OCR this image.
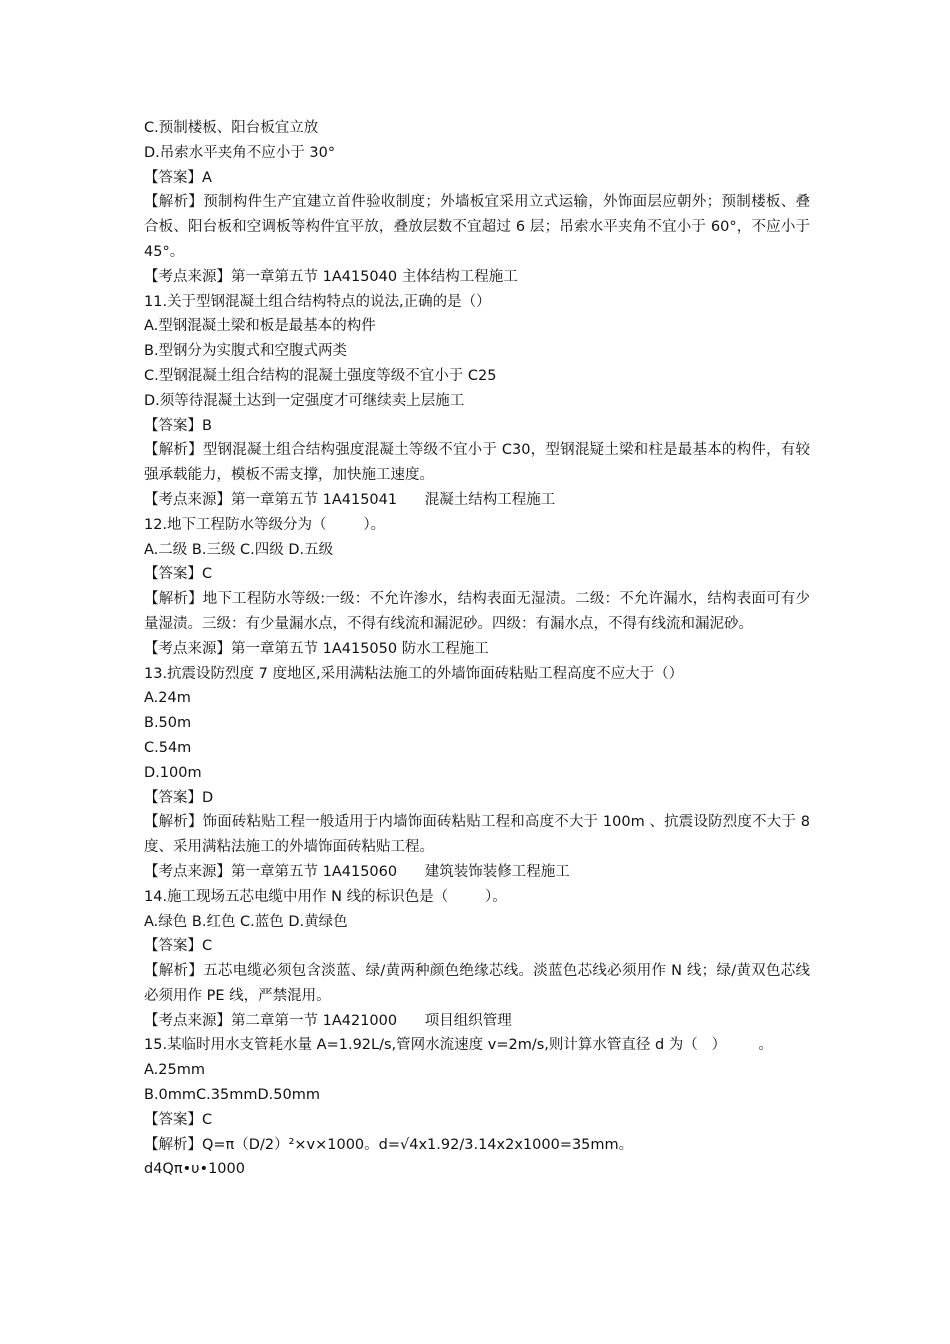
C.预制楼板、阳台板宜立放

D.吊索水平夹角不应小于 30°

【答案】A

【解析】预制构件生产宜建立首件验收制度；外墙板宜采用立式运输，外饰面层应朝外；预制楼板、叠合板、阳台板和空调板等构件宜平放，叠放层数不宜超过 6 层；吊索水平夹角不宜小于 60°，不应小于 45°。

【考点来源】第一章第五节 1A415040 主体结构工程施工

11.关于型钢混凝土组合结构特点的说法,正确的是（）

A.型钢混凝土梁和板是最基本的构件

B.型钢分为实腹式和空腹式两类

C.型钢混凝土组合结构的混凝土强度等级不宜小于 C25

D.须等待混凝土达到一定强度才可继续卖上层施工

【答案】B

【解析】型钢混凝土组合结构强度混凝土等级不宜小于 C30，型钢混疑土梁和柱是最基本的构件，有较强承载能力，模板不需支撑，加快施工速度。

【考点来源】第一章第五节 1A415041      混凝土结构工程施工

12.地下工程防水等级分为（        ）。

A.二级 B.三级 C.四级 D.五级

【答案】C

【解析】地下工程防水等级:一级：不允许渗水，结构表面无湿渍。二级：不允许漏水，结构表面可有少量湿渍。三级：有少量漏水点，不得有线流和漏泥砂。四级：有漏水点，不得有线流和漏泥砂。

【考点来源】第一章第五节 1A415050 防水工程施工

13.抗震设防烈度 7 度地区,采用满粘法施工的外墙饰面砖粘贴工程高度不应大于（）

A.24m

B.50m

C.54m

D.100m

【答案】D

【解析】饰面砖粘贴工程一般适用于内墙饰面砖粘贴工程和高度不大于 100m 、抗震设防烈度不大于 8 度、采用满粘法施工的外墙饰面砖粘贴工程。

【考点来源】第一章第五节 1A415060      建筑装饰装修工程施工

14.施工现场五芯电缆中用作 N 线的标识色是（        ）。

A.绿色 B.红色 C.蓝色 D.黄绿色

【答案】C

【解析】五芯电缆必须包含淡蓝、绿/黄两种颜色绝缘芯线。淡蓝色芯线必须用作 N 线；绿/黄双色芯线必须用作 PE 线，严禁混用。

【考点来源】第二章第一节 1A421000      项目组织管理

15.某临时用水支管耗水量 A=1.92L/s,管网水流速度 v=2m/s,则计算水管直径 d 为（   ）       。

A.25mm

B.0mmC.35mmD.50mm

【答案】C

【解析】Q=π（D/2）²×v×1000。d=√4x1.92/3.14x2x1000=35mm。

d4Qπ•υ•1000
